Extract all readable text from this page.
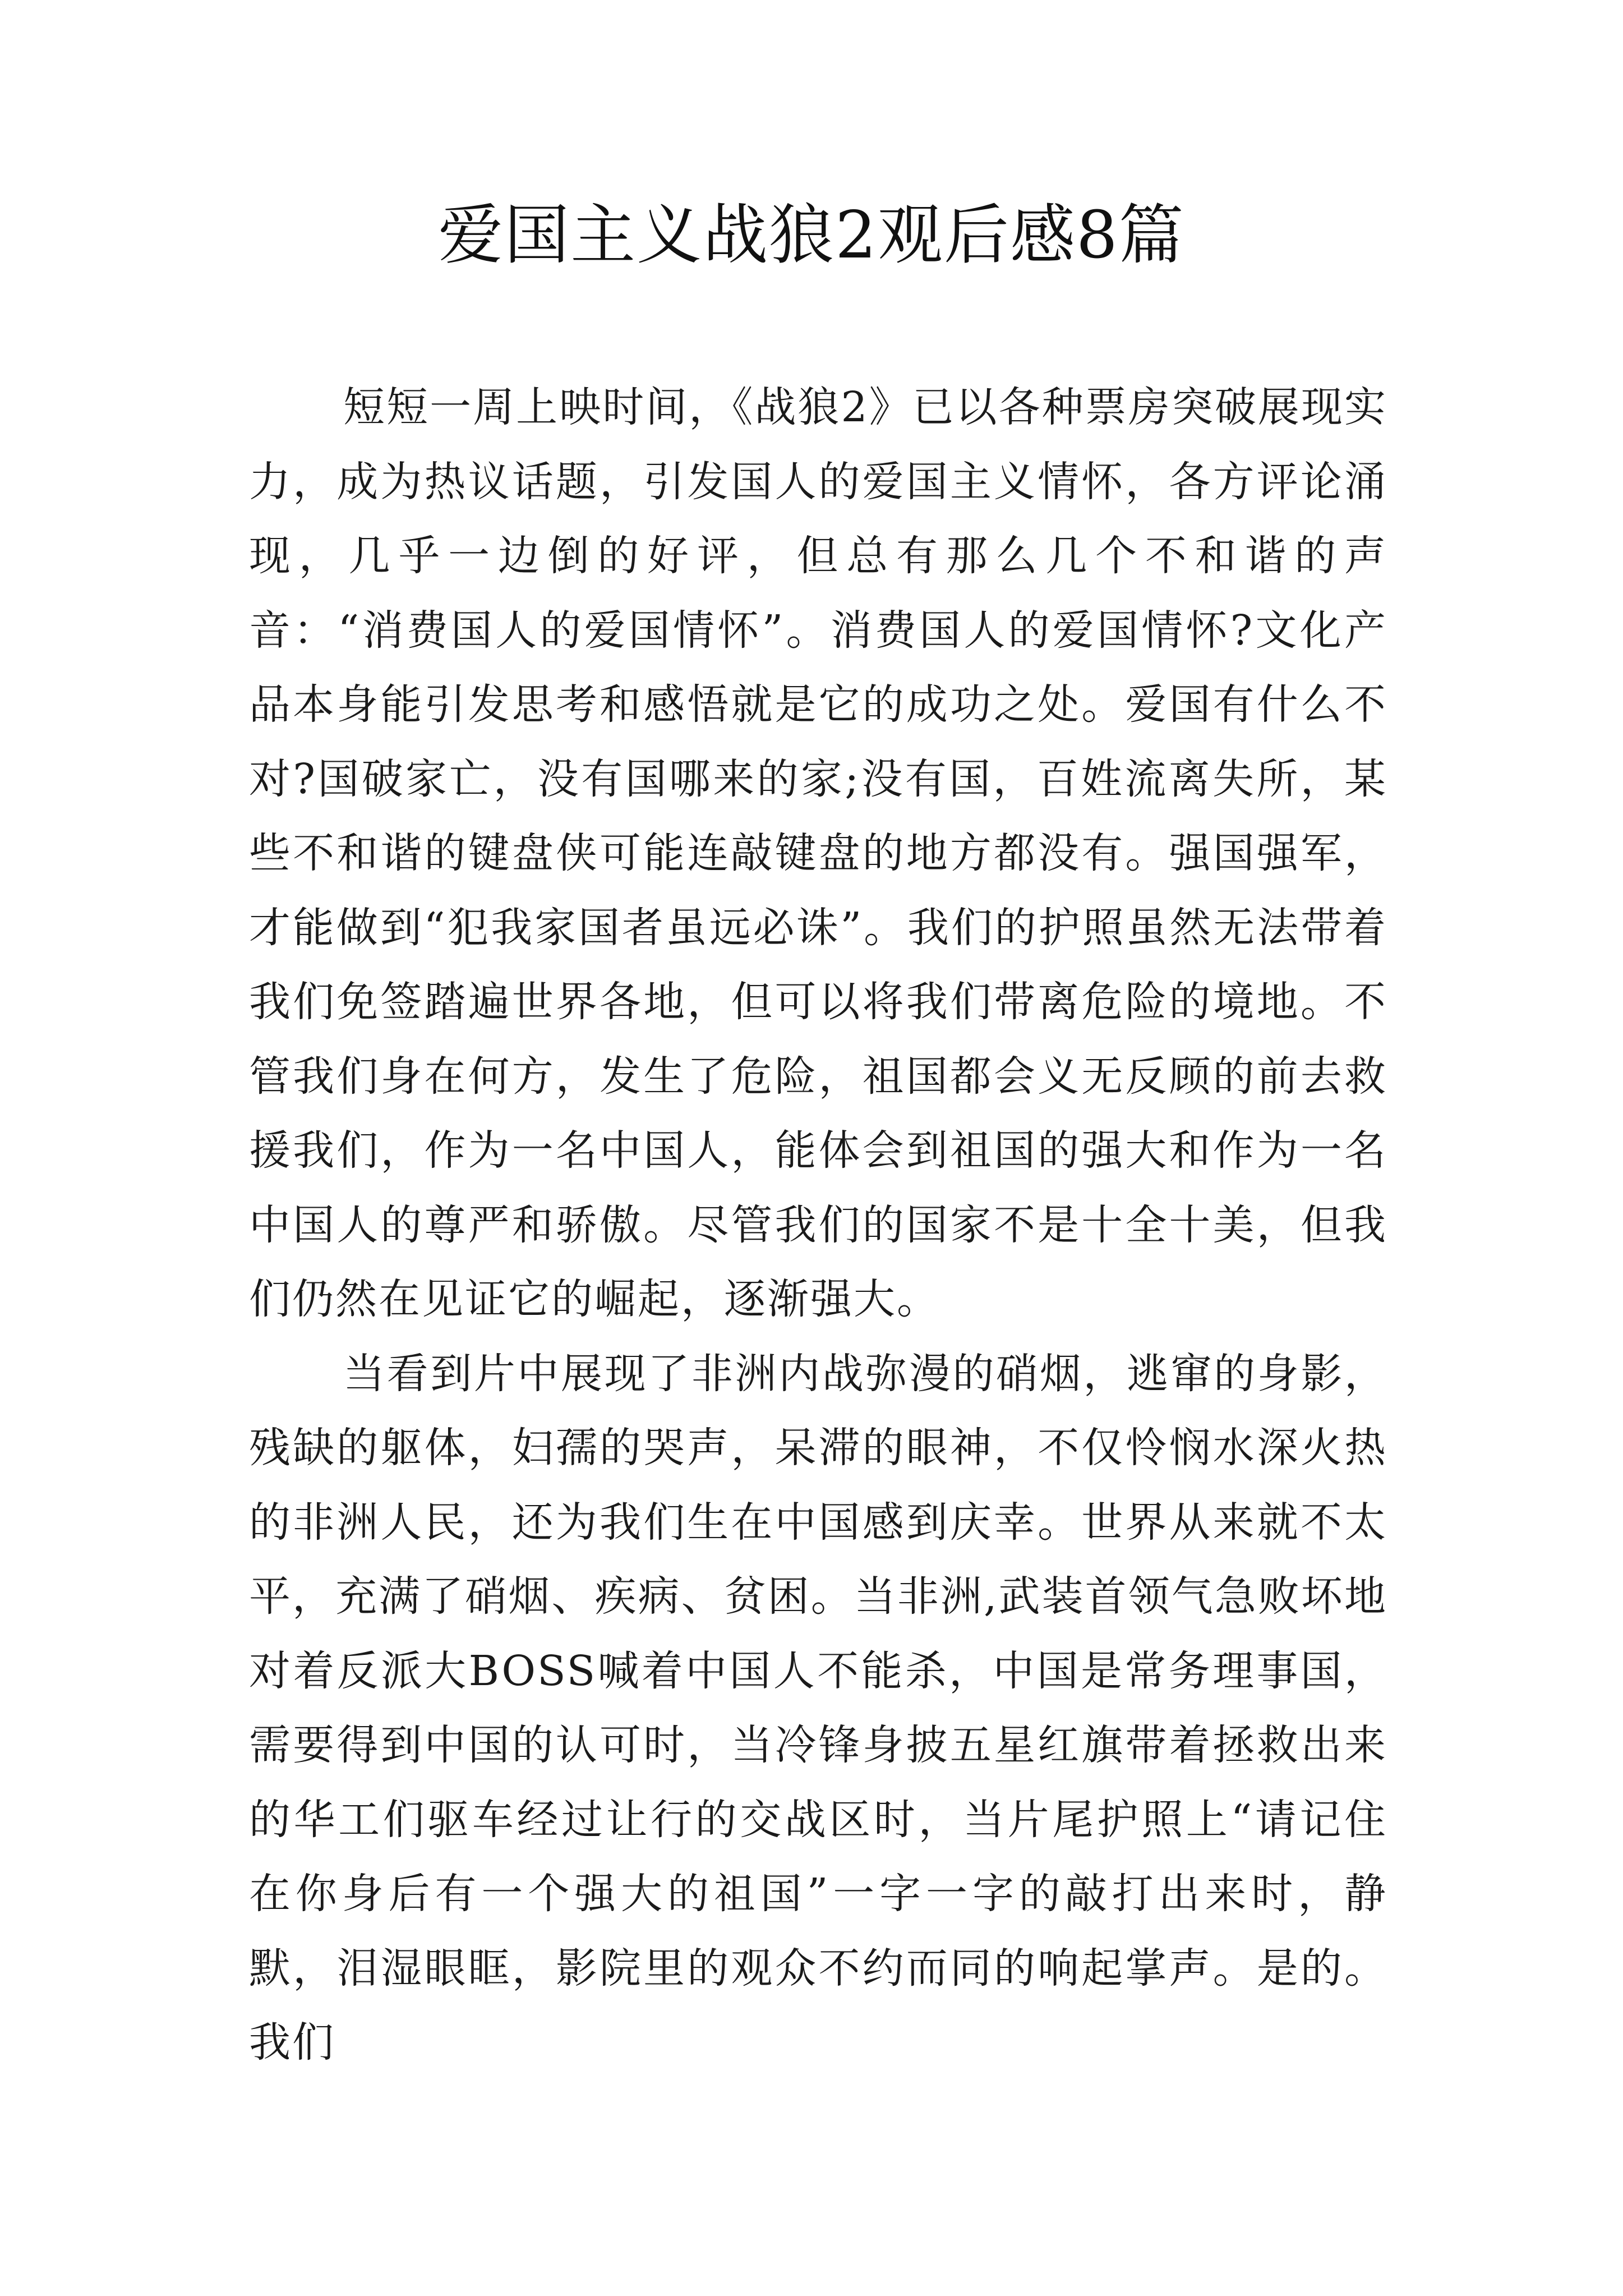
爱国主义战狼2观后感8篇

短短一周上映时间，《战狼2》已以各种票房突破展现实力，成为热议话题，引发国人的爱国主义情怀，各方评论涌现，几乎一边倒的好评，但总有那么几个不和谐的声音：“消费国人的爱国情怀”。消费国人的爱国情怀?文化产品本身能引发思考和感悟就是它的成功之处。爱国有什么不对?国破家亡，没有国哪来的家;没有国，百姓流离失所，某些不和谐的键盘侠可能连敲键盘的地方都没有。强国强军，才能做到“犯我家国者虽远必诛”。我们的护照虽然无法带着我们免签踏遍世界各地，但可以将我们带离危险的境地。不管我们身在何方，发生了危险，祖国都会义无反顾的前去救援我们，作为一名中国人，能体会到祖国的强大和作为一名中国人的尊严和骄傲。尽管我们的国家不是十全十美，但我们仍然在见证它的崛起，逐渐强大。

当看到片中展现了非洲内战弥漫的硝烟，逃窜的身影，残缺的躯体，妇孺的哭声，呆滞的眼神，不仅怜悯水深火热的非洲人民，还为我们生在中国感到庆幸。世界从来就不太平，充满了硝烟、疾病、贫困。当非洲,武装首领气急败坏地对着反派大BOSS喊着中国人不能杀，中国是常务理事国，需要得到中国的认可时，当冷锋身披五星红旗带着拯救出来的华工们驱车经过让行的交战区时，当片尾护照上“请记住在你身后有一个强大的祖国”一字一字的敲打出来时，静默，泪湿眼眶，影院里的观众不约而同的响起掌声。是的。我们
